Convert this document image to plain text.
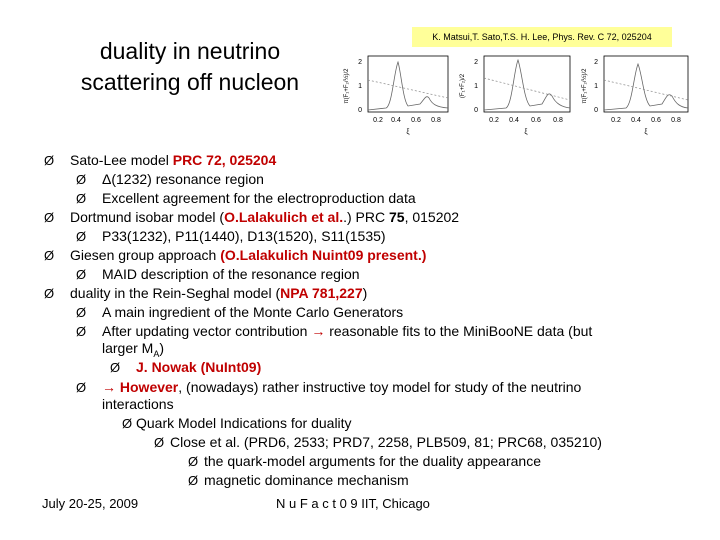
duality in neutrino
scattering off nucleon
K. Matsui,T. Sato,T.S. H. Lee, Phys. Rev. C 72, 025204
2
1
0
π(F₁+F₂/½)/2
0.2 0.4 0.6 0.8
ξ
2
1
0
(F₁+F₂)/2
0.2 0.4 0.6 0.8
ξ
2
1
0
π(F₁+F₂/½)/2
0.2 0.4 0.6 0.8
ξ
Ø Sato-Lee model PRC 72, 025204
Ø Δ(1232) resonance region
Ø Excellent agreement for the electroproduction data
Ø Dortmund isobar model (O.Lalakulich et al..) PRC 75, 015202
Ø P33(1232), P11(1440), D13(1520), S11(1535)
Ø Giesen group approach (O.Lalakulich Nuint09 present.)
Ø MAID description of the resonance region
Ø duality in the Rein-Seghal model (NPA 781,227)
Ø A main ingredient of the Monte Carlo Generators
Ø After updating vector contribution → reasonable fits to the MiniBooNE data (but
larger $M_A$)
Ø J. Nowak (NuInt09)
Ø → However, (nowadays) rather instructive toy model for study of the neutrino
interactions
Ø Quark Model Indications for duality
Ø Close et al. (PRD6, 2533; PRD7, 2258, PLB509, 81; PRC68, 035210)
Ø the quark-model arguments for the duality appearance
Ø magnetic dominance mechanism
July 20-25, 2009	N u F a c t 0 9 IIT, Chicago
